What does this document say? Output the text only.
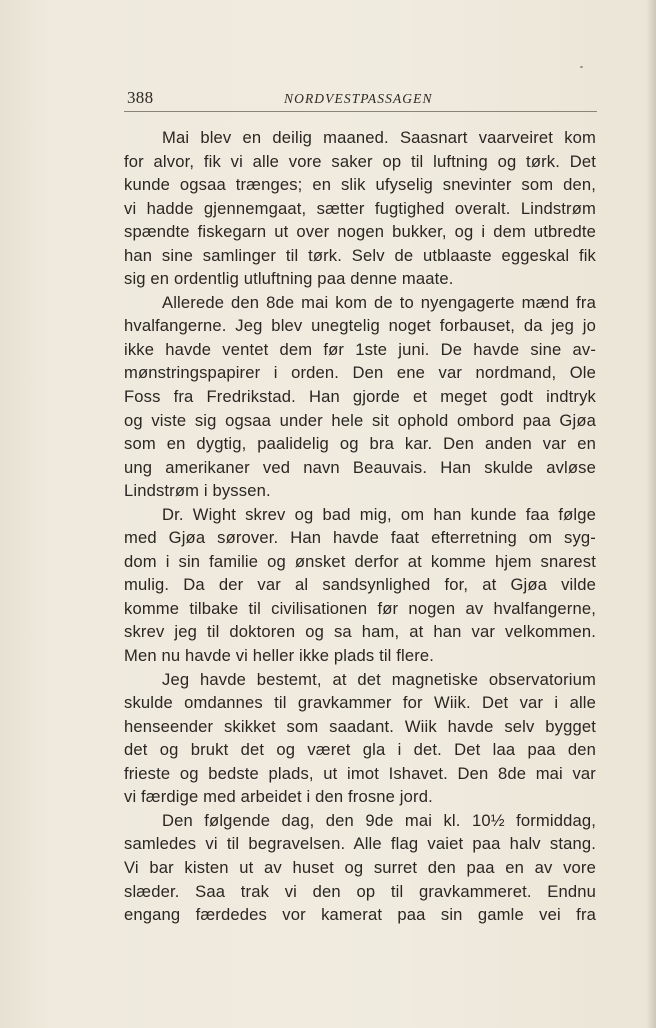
388	NORDVESTPASSAGEN
Mai blev en deilig maaned. Saasnart vaarveiret kom
for alvor, fik vi alle vore saker op til luftning og tørk. Det
kunde ogsaa trænges; en slik ufyselig snevinter som den,
vi hadde gjennemgaat, sætter fugtighed overalt. Lindstrøm
spændte fiskegarn ut over nogen bukker, og i dem utbredte
han sine samlinger til tørk. Selv de utblaaste eggeskal fik
sig en ordentlig utluftning paa denne maate.
Allerede den 8de mai kom de to nyengagerte mænd fra
hvalfangerne. Jeg blev unegtelig noget forbauset, da jeg jo
ikke havde ventet dem før 1ste juni. De havde sine av-
mønstringspapirer i orden. Den ene var nordmand, Ole
Foss fra Fredrikstad. Han gjorde et meget godt indtryk
og viste sig ogsaa under hele sit ophold ombord paa Gjøa
som en dygtig, paalidelig og bra kar. Den anden var en
ung amerikaner ved navn Beauvais. Han skulde avløse
Lindstrøm i byssen.
Dr. Wight skrev og bad mig, om han kunde faa følge
med Gjøa sørover. Han havde faat efterretning om syg-
dom i sin familie og ønsket derfor at komme hjem snarest
mulig. Da der var al sandsynlighed for, at Gjøa vilde
komme tilbake til civilisationen før nogen av hvalfangerne,
skrev jeg til doktoren og sa ham, at han var velkommen.
Men nu havde vi heller ikke plads til flere.
Jeg havde bestemt, at det magnetiske observatorium
skulde omdannes til gravkammer for Wiik. Det var i alle
henseender skikket som saadant. Wiik havde selv bygget
det og brukt det og været gla i det. Det laa paa den
frieste og bedste plads, ut imot Ishavet. Den 8de mai var
vi færdige med arbeidet i den frosne jord.
Den følgende dag, den 9de mai kl. 10½ formiddag,
samledes vi til begravelsen. Alle flag vaiet paa halv stang.
Vi bar kisten ut av huset og surret den paa en av vore
slæder. Saa trak vi den op til gravkammeret. Endnu
engang færdedes vor kamerat paa sin gamle vei fra
